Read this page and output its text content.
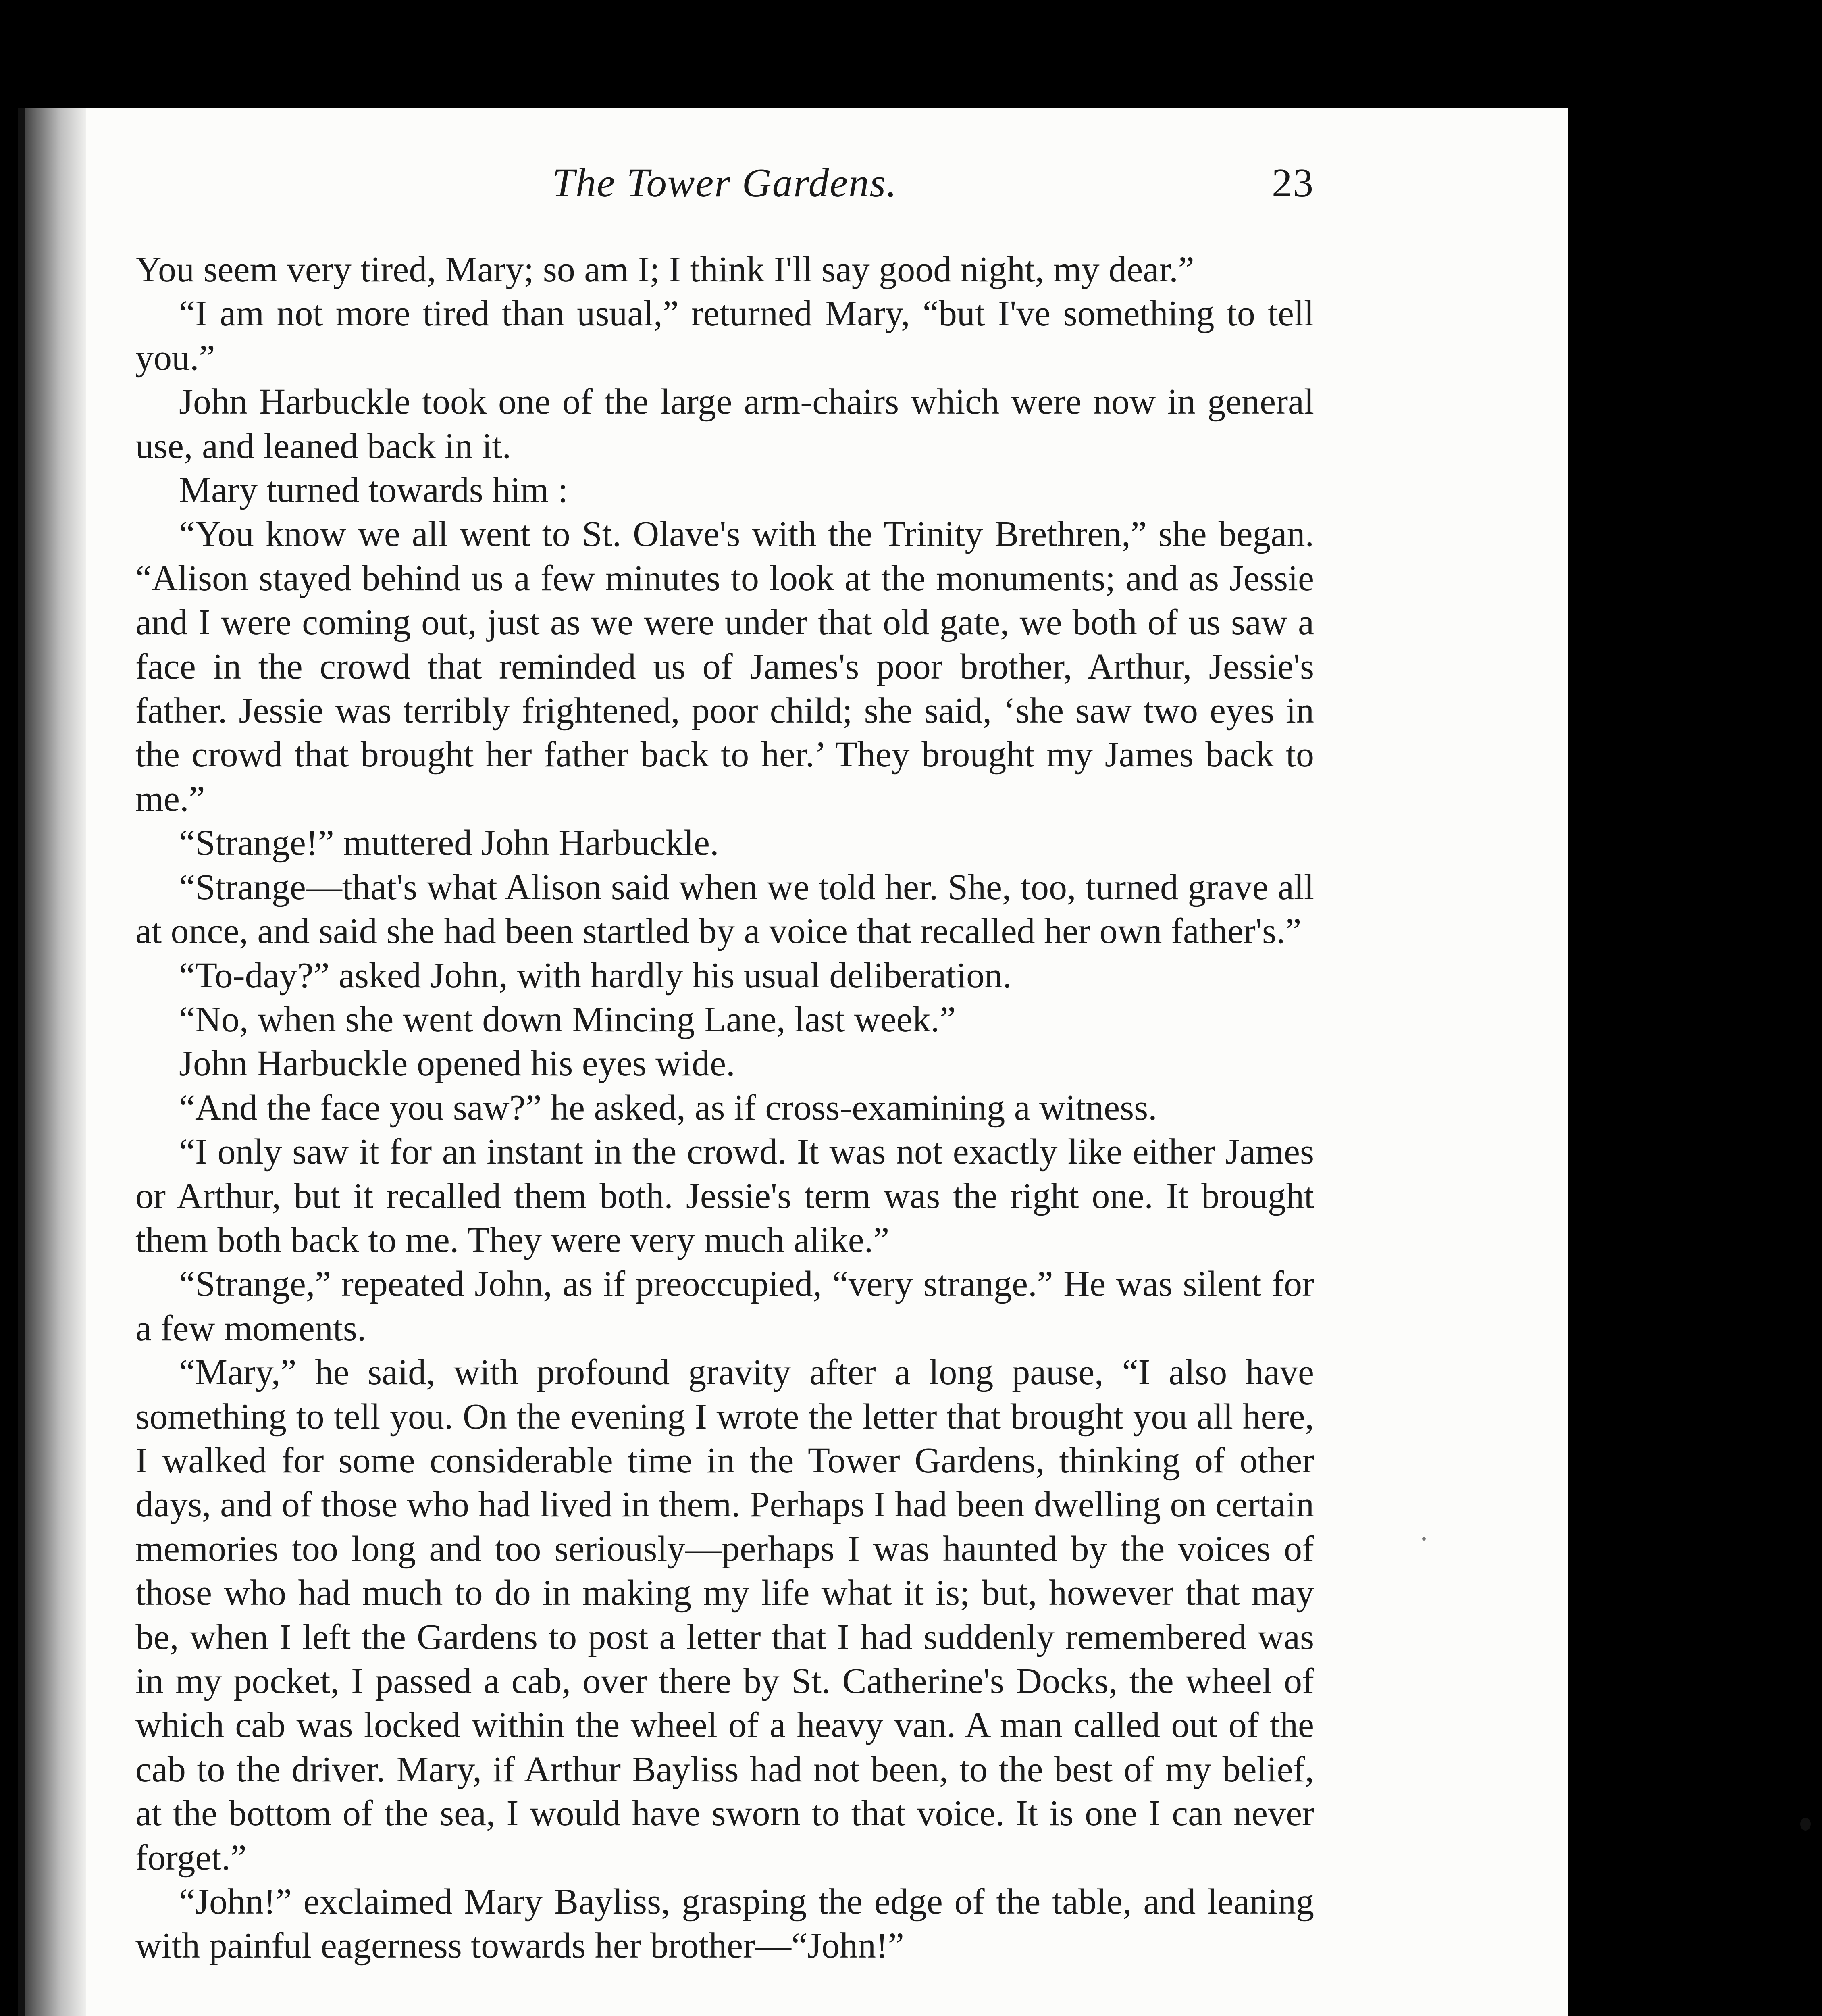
The Tower Gardens.	23

You seem very tired, Mary; so am I; I think I'll say good night, my dear.”

“I am not more tired than usual,” returned Mary, “but I've something to tell you.”

John Harbuckle took one of the large arm-chairs which were now in general use, and leaned back in it.

Mary turned towards him :

“You know we all went to St. Olave's with the Trinity Brethren,” she began. “Alison stayed behind us a few minutes to look at the monuments; and as Jessie and I were coming out, just as we were under that old gate, we both of us saw a face in the crowd that reminded us of James's poor brother, Arthur, Jessie's father. Jessie was terribly frightened, poor child; she said, ‘she saw two eyes in the crowd that brought her father back to her.’ They brought my James back to me.”

“Strange!” muttered John Harbuckle.

“Strange—that's what Alison said when we told her. She, too, turned grave all at once, and said she had been startled by a voice that recalled her own father's.”

“To-day?” asked John, with hardly his usual deliberation.

“No, when she went down Mincing Lane, last week.”

John Harbuckle opened his eyes wide.

“And the face you saw?” he asked, as if cross-examining a witness.

“I only saw it for an instant in the crowd. It was not exactly like either James or Arthur, but it recalled them both. Jessie's term was the right one. It brought them both back to me. They were very much alike.”

“Strange,” repeated John, as if preoccupied, “very strange.” He was silent for a few moments.

“Mary,” he said, with profound gravity after a long pause, “I also have something to tell you. On the evening I wrote the letter that brought you all here, I walked for some considerable time in the Tower Gardens, thinking of other days, and of those who had lived in them. Perhaps I had been dwelling on certain memories too long and too seriously—perhaps I was haunted by the voices of those who had much to do in making my life what it is; but, however that may be, when I left the Gardens to post a letter that I had suddenly remembered was in my pocket, I passed a cab, over there by St. Catherine's Docks, the wheel of which cab was locked within the wheel of a heavy van. A man called out of the cab to the driver. Mary, if Arthur Bayliss had not been, to the best of my belief, at the bottom of the sea, I would have sworn to that voice. It is one I can never forget.”

“John!” exclaimed Mary Bayliss, grasping the edge of the table, and leaning with painful eagerness towards her brother—“John!”
